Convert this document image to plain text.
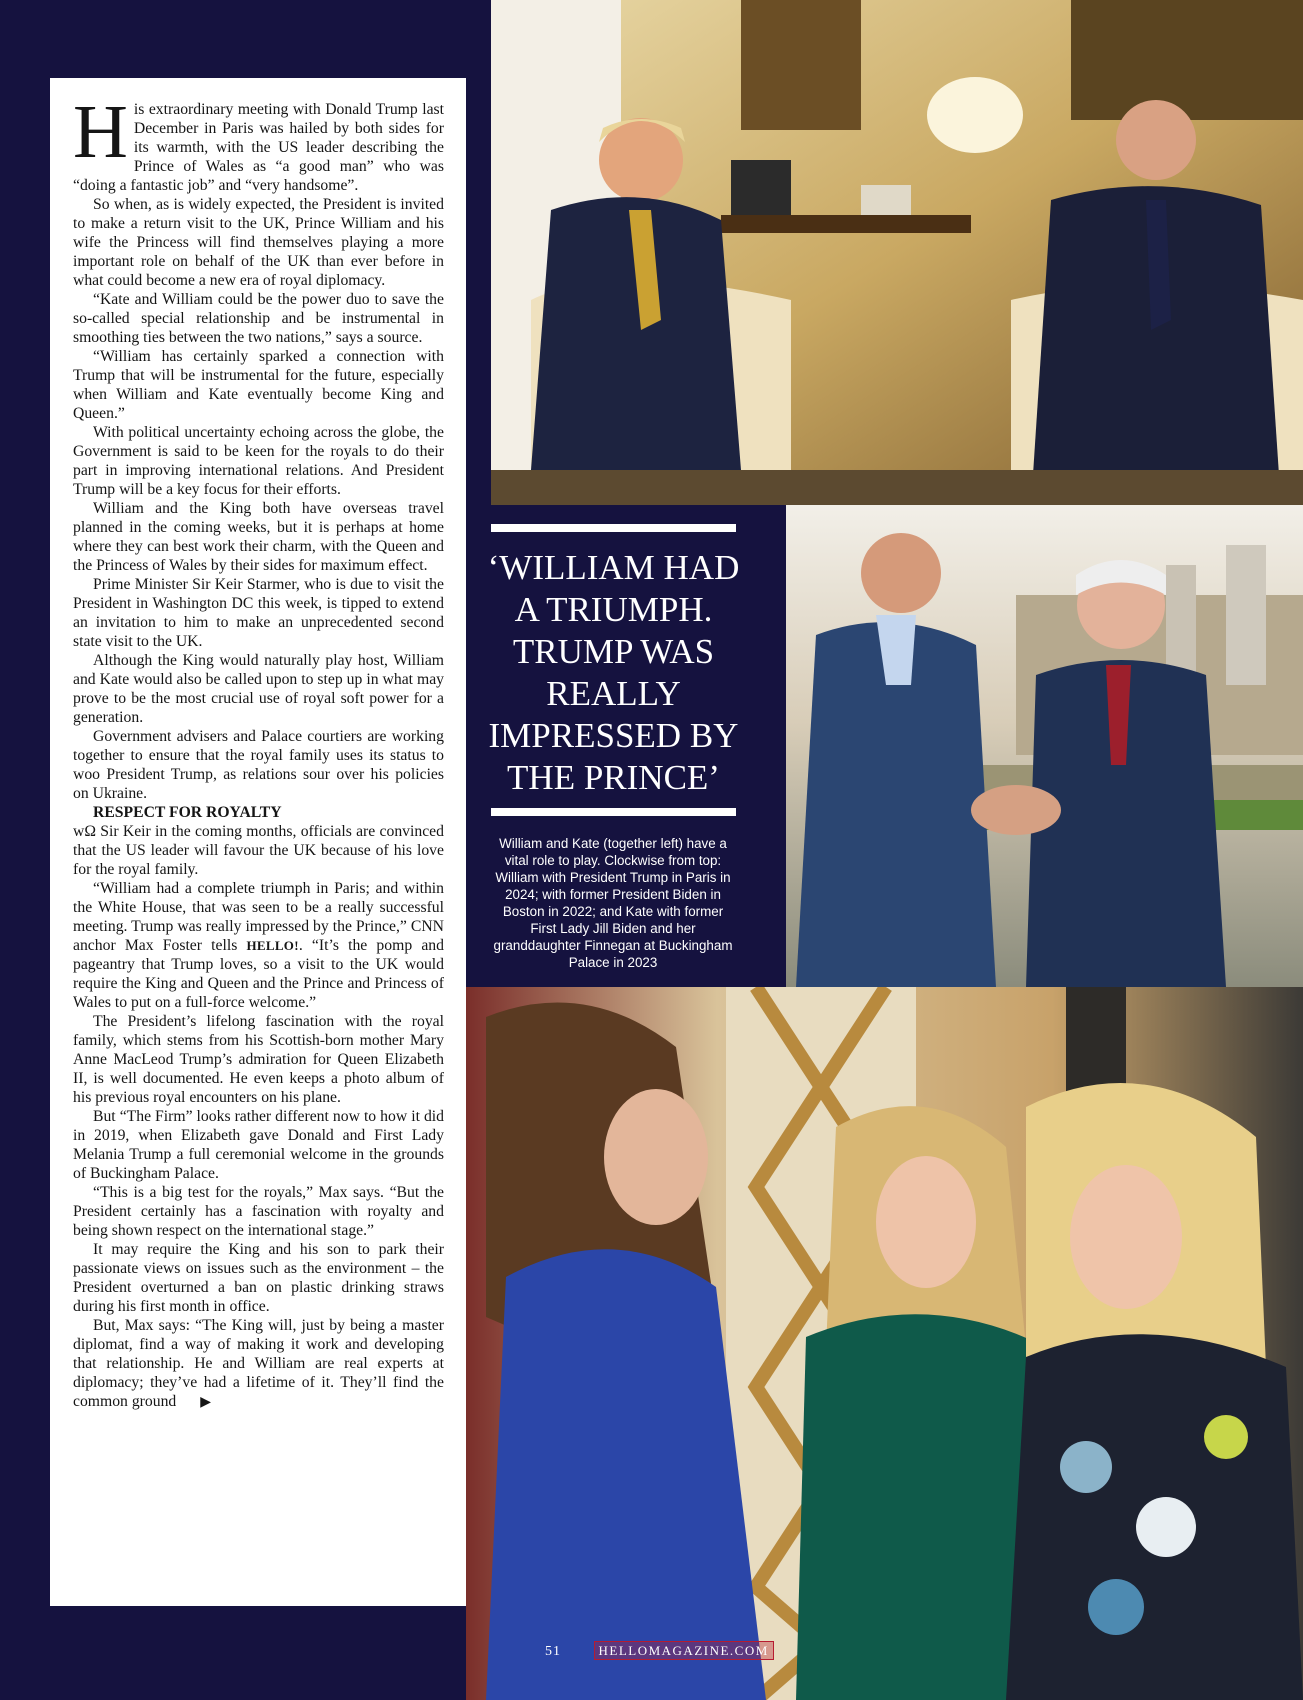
His extraordinary meeting with Donald Trump last December in Paris was hailed by both sides for its warmth, with the US leader describing the Prince of Wales as “a good man” who was “doing a fantastic job” and “very handsome”.

So when, as is widely expected, the President is invited to make a return visit to the UK, Prince William and his wife the Princess will find themselves playing a more important role on behalf of the UK than ever before in what could become a new era of royal diplomacy.

“Kate and William could be the power duo to save the so-called special relationship and be instrumental in smoothing ties between the two nations,” says a source.

“William has certainly sparked a connection with Trump that will be instrumental for the future, especially when William and Kate eventually become King and Queen.”

With political uncertainty echoing across the globe, the Government is said to be keen for the royals to do their part in improving international relations. And President Trump will be a key focus for their efforts.

William and the King both have overseas travel planned in the coming weeks, but it is perhaps at home where they can best work their charm, with the Queen and the Princess of Wales by their sides for maximum effect.

Prime Minister Sir Keir Starmer, who is due to visit the President in Washington DC this week, is tipped to extend an invitation to him to make an unprecedented second state visit to the UK.

Although the King would naturally play host, William and Kate would also be called upon to step up in what may prove to be the most crucial use of royal soft power for a generation.

Government advisers and Palace courtiers are working together to ensure that the royal family uses its status to woo President Trump, as relations sour over his policies on Ukraine.

RESPECT FOR ROYALTY

wΩ Sir Keir in the coming months, officials are convinced that the US leader will favour the UK because of his love for the royal family.

“William had a complete triumph in Paris; and within the White House, that was seen to be a really successful meeting. Trump was really impressed by the Prince,” CNN anchor Max Foster tells HELLO!. “It’s the pomp and pageantry that Trump loves, so a visit to the UK would require the King and Queen and the Prince and Princess of Wales to put on a full-force welcome.”

The President’s lifelong fascination with the royal family, which stems from his Scottish-born mother Mary Anne MacLeod Trump’s admiration for Queen Elizabeth II, is well documented. He even keeps a photo album of his previous royal encounters on his plane.

But “The Firm” looks rather different now to how it did in 2019, when Elizabeth gave Donald and First Lady Melania Trump a full ceremonial welcome in the grounds of Buckingham Palace.

“This is a big test for the royals,” Max says. “But the President certainly has a fascination with royalty and being shown respect on the international stage.”

It may require the King and his son to park their passionate views on issues such as the environment – the President overturned a ban on plastic drinking straws during his first month in office.

But, Max says: “The King will, just by being a master diplomat, find a way of making it work and developing that relationship. He and William are real experts at diplomacy; they’ve had a lifetime of it. They’ll find the common ground ▶

‘WILLIAM HAD A TRIUMPH. TRUMP WAS REALLY IMPRESSED BY THE PRINCE’
William and Kate (together left) have a vital role to play. Clockwise from top: William with President Trump in Paris in 2024; with former President Biden in Boston in 2022; and Kate with former First Lady Jill Biden and her granddaughter Finnegan at Buckingham Palace in 2023
51	HELLOMAGAZINE.COM
